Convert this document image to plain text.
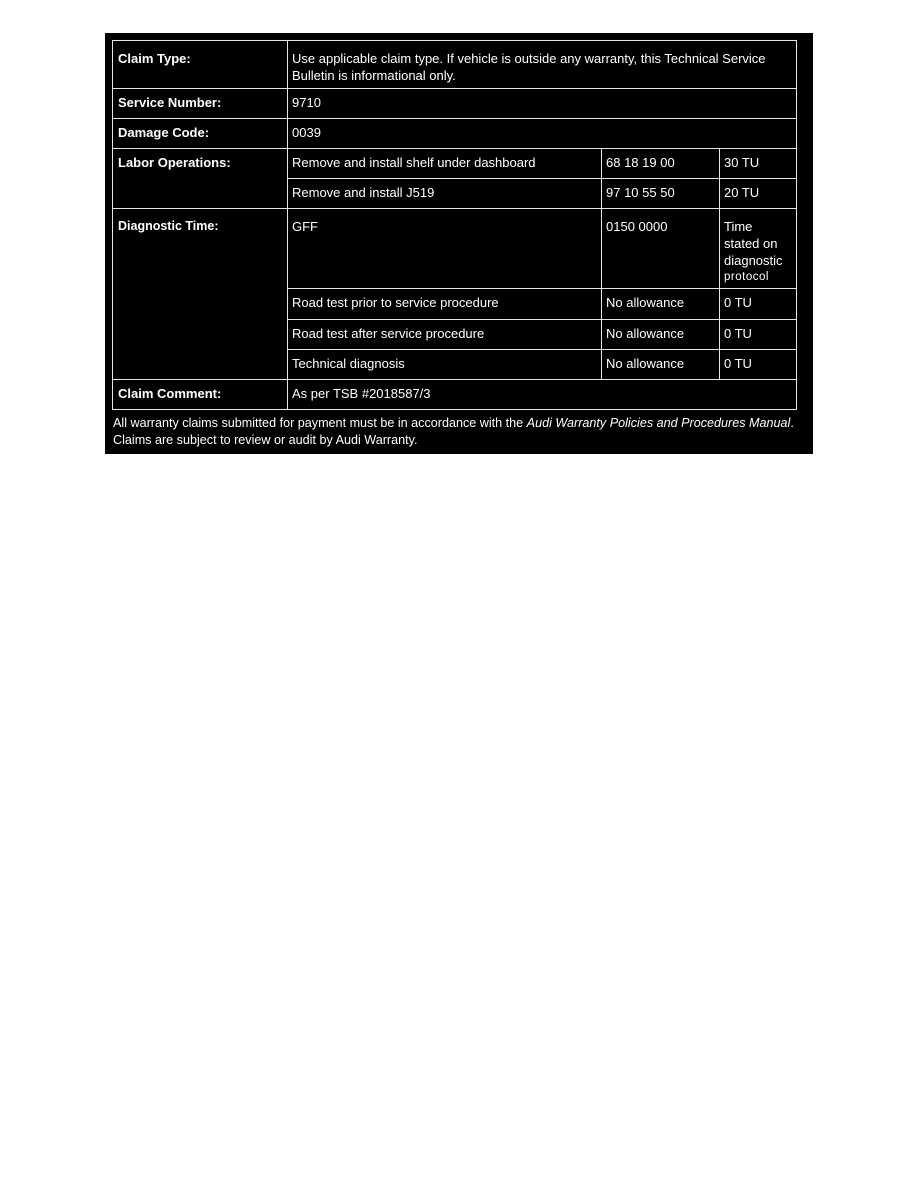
Claim Type:	Use applicable claim type. If vehicle is outside any warranty, this Technical Service Bulletin is informational only.		
Service Number:	9710		
Damage Code:	0039		
Labor Operations:	Remove and install shelf under dashboard	68 18 19 00	30 TU
	Remove and install J519	97 10 55 50	20 TU
Diagnostic Time:	GFF	0150 0000	Time
stated on
diagnostic
protocol

	Road test prior to service procedure	No allowance	0 TU
	Road test after service procedure	No allowance	0 TU
	Technical diagnosis	No allowance	0 TU
Claim Comment:	As per TSB #2018587/3		
All warranty claims submitted for payment must be in accordance with the Audi Warranty Policies and Procedures Manual. Claims are subject to review or audit by Audi Warranty.
